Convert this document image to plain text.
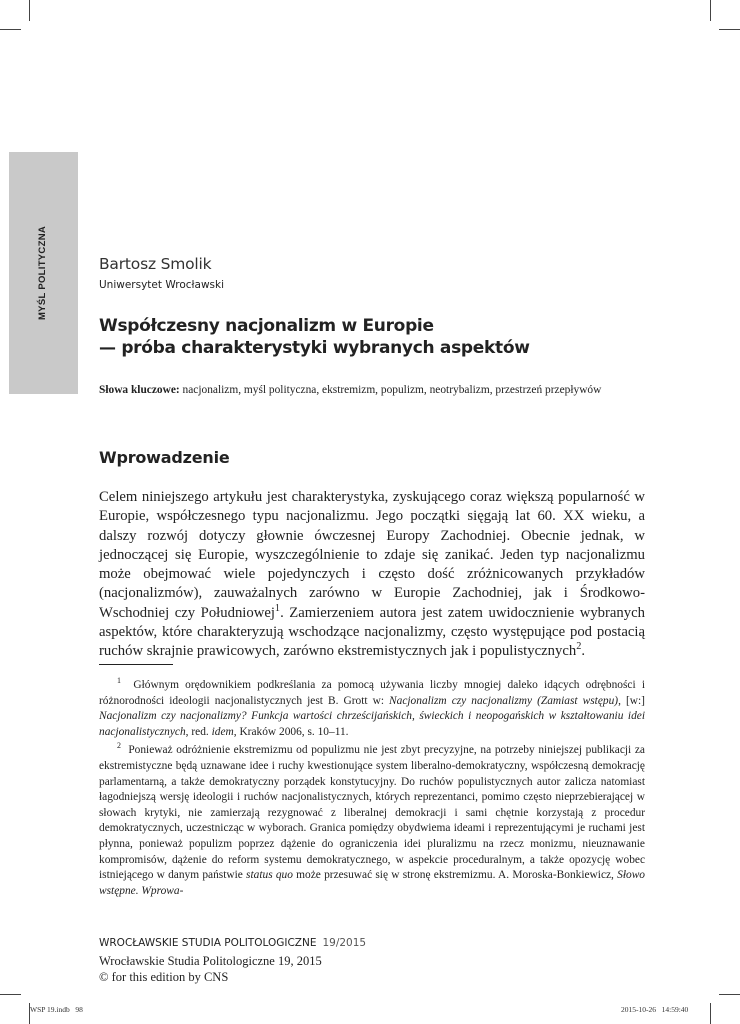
MYŚL POLITYCZNA	Bartosz Smolik
Uniwersytet Wrocławski
Współczesny nacjonalizm w Europie
— próba charakterystyki wybranych aspektów
Słowa kluczowe: nacjonalizm, myśl polityczna, ekstremizm, populizm, neotrybalizm, przestrzeń przepływów
Wprowadzenie

Celem niniejszego artykułu jest charakterystyka, zyskującego coraz większą popularność w Europie, współczesnego typu nacjonalizmu. Jego początki sięgają lat 60. XX wieku, a dalszy rozwój dotyczy głownie ówczesnej Europy Zachodniej. Obecnie jednak, w jednoczącej się Europie, wyszczególnienie to zdaje się zanikać. Jeden typ nacjonalizmu może obejmować wiele pojedynczych i często dość zróżnicowanych przykładów (nacjonalizmów), zauważalnych zarówno w Europie Zachodniej, jak i Środkowo-Wschodniej czy Południowej$^1$. Zamierzeniem autora jest zatem uwidocznienie wybranych aspektów, które charakteryzują wschodzące nacjonalizmy, często występujące pod postacią ruchów skrajnie prawicowych, zarówno ekstremistycznych jak i populistycznych$^2$.

$^1$ Głównym orędownikiem podkreślania za pomocą używania liczby mnogiej daleko idących odrębności i różnorodności ideologii nacjonalistycznych jest B. Grott w: Nacjonalizm czy nacjonalizmy (Zamiast wstępu), [w:] Nacjonalizm czy nacjonalizmy? Funkcja wartości chrześcijańskich, świeckich i neopogańskich w kształtowaniu idei nacjonalistycznych, red. idem, Kraków 2006, s. 10–11.

$^2$ Ponieważ odróżnienie ekstremizmu od populizmu nie jest zbyt precyzyjne, na potrzeby niniejszej publikacji za ekstremistyczne będą uznawane idee i ruchy kwestionujące system liberalno-demokratyczny, współczesną demokrację parlamentarną, a także demokratyczny porządek konstytucyjny. Do ruchów populistycznych autor zalicza natomiast łagodniejszą wersję ideologii i ruchów nacjonalistycznych, których reprezentanci, pomimo często nieprzebierającej w słowach krytyki, nie zamierzają rezygnować z liberalnej demokracji i sami chętnie korzystają z procedur demokratycznych, uczestnicząc w wyborach. Granica pomiędzy obydwiema ideami i reprezentującymi je ruchami jest płynna, ponieważ populizm poprzez dążenie do ograniczenia idei pluralizmu na rzecz monizmu, nieuznawanie kompromisów, dążenie do reform systemu demokratycznego, w aspekcie proceduralnym, a także opozycję wobec istniejącego w danym państwie status quo może przesuwać się w stronę ekstremizmu. A. Moroska-Bonkiewicz, Słowo wstępne. Wprowa-

WROCŁAWSKIE STUDIA POLITOLOGICZNE 19/2015
Wrocławskie Studia Politologiczne 19, 2015
© for this edition by CNS
WSP 19.indb   98	2015-10-26   14:59:40
